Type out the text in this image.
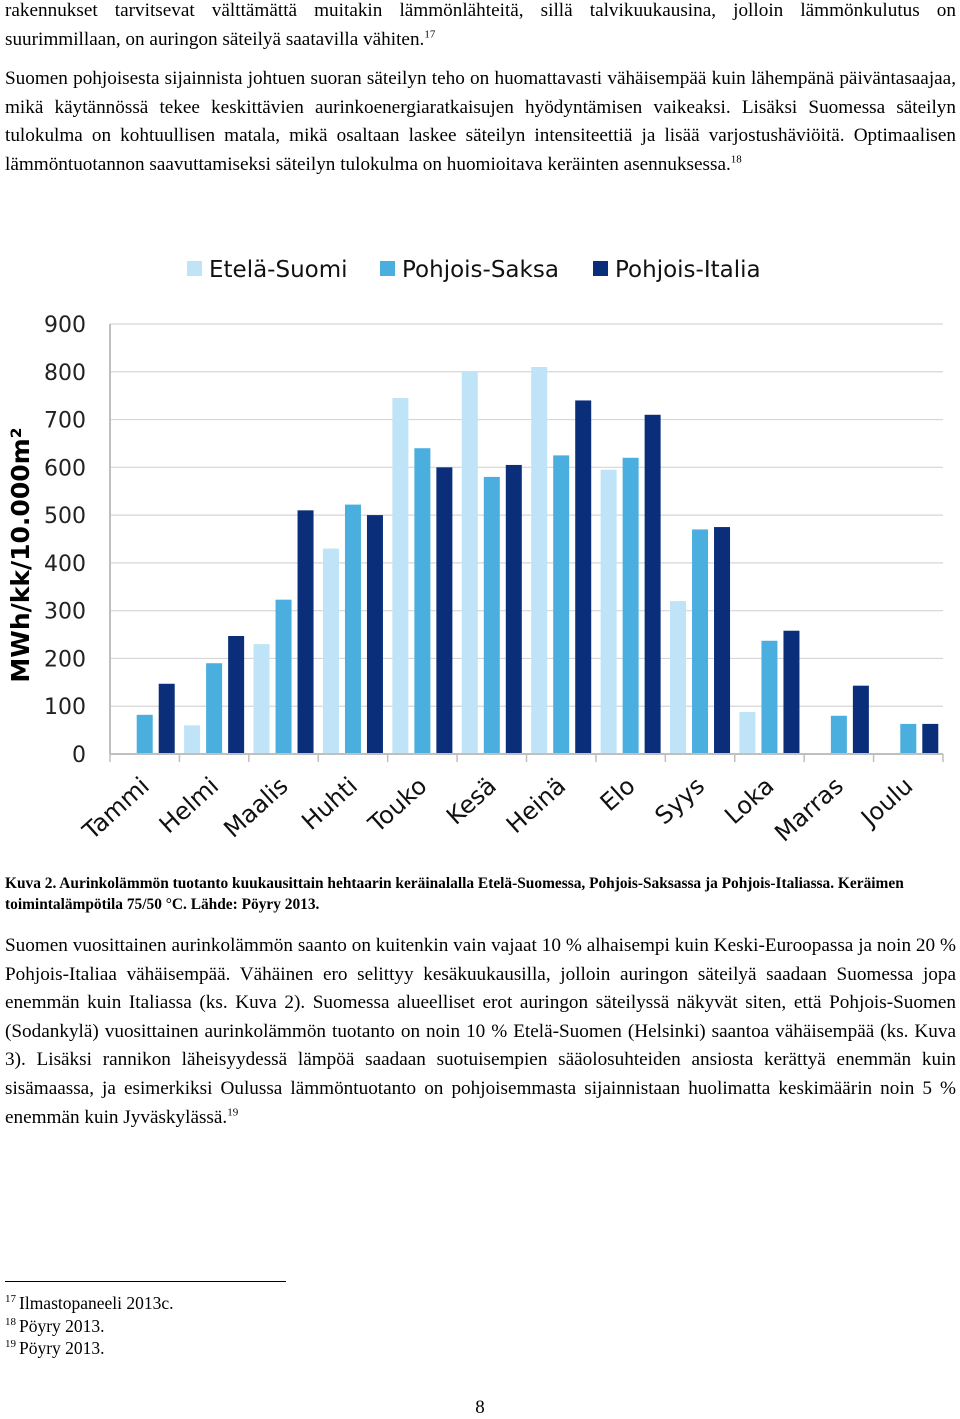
rakennukset tarvitsevat välttämättä muitakin lämmönlähteitä, sillä talvikuukausina, jolloin lämmönkulutus on suurimmillaan, on auringon säteilyä saatavilla vähiten.$^{17}$

Suomen pohjoisesta sijainnista johtuen suoran säteilyn teho on huomattavasti vähäisempää kuin lähempänä päiväntasaajaa, mikä käytännössä tekee keskittävien aurinkoenergiaratkaisujen hyödyntämisen vaikeaksi. Lisäksi Suomessa säteilyn tulokulma on kohtuullisen matala, mikä osaltaan laskee säteilyn intensiteettiä ja lisää varjostushäviöitä. Optimaalisen lämmöntuotannon saavuttamiseksi säteilyn tulokulma on huomioitava keräinten asennuksessa.$^{18}$

Etelä-Suomi Pohjois-Saksa Pohjois-Italia
0
100
200
300
400
500
600
700
800
900
Tammi Helmi
Maalis Huhti Touko Kesä Heinä Elo Syys Loka
Marras Joulu
MWh/kk/10.000m²

Kuva 2. Aurinkolämmön tuotanto kuukausittain hehtaarin keräinalalla Etelä-Suomessa, Pohjois-Saksassa ja Pohjois-Italiassa. Keräimen toimintalämpötila 75/50 °C. Lähde: Pöyry 2013.

Suomen vuosittainen aurinkolämmön saanto on kuitenkin vain vajaat 10 % alhaisempi kuin Keski-Euroopassa ja noin 20 % Pohjois-Italiaa vähäisempää. Vähäinen ero selittyy kesäkuukausilla, jolloin auringon säteilyä saadaan Suomessa jopa enemmän kuin Italiassa (ks. Kuva 2). Suomessa alueelliset erot auringon säteilyssä näkyvät siten, että Pohjois-Suomen (Sodankylä) vuosittainen aurinkolämmön tuotanto on noin 10 % Etelä-Suomen (Helsinki) saantoa vähäisempää (ks. Kuva 3). Lisäksi rannikon läheisyydessä lämpöä saadaan suotuisempien sääolosuhteiden ansiosta kerättyä enemmän kuin sisämaassa, ja esimerkiksi Oulussa lämmöntuotanto on pohjoisemmasta sijainnistaan huolimatta keskimäärin noin 5 % enemmän kuin Jyväskylässä.$^{19}$

$^{17}$ Ilmastopaneeli 2013c.
$^{18}$ Pöyry 2013.
$^{19}$ Pöyry 2013.
8
